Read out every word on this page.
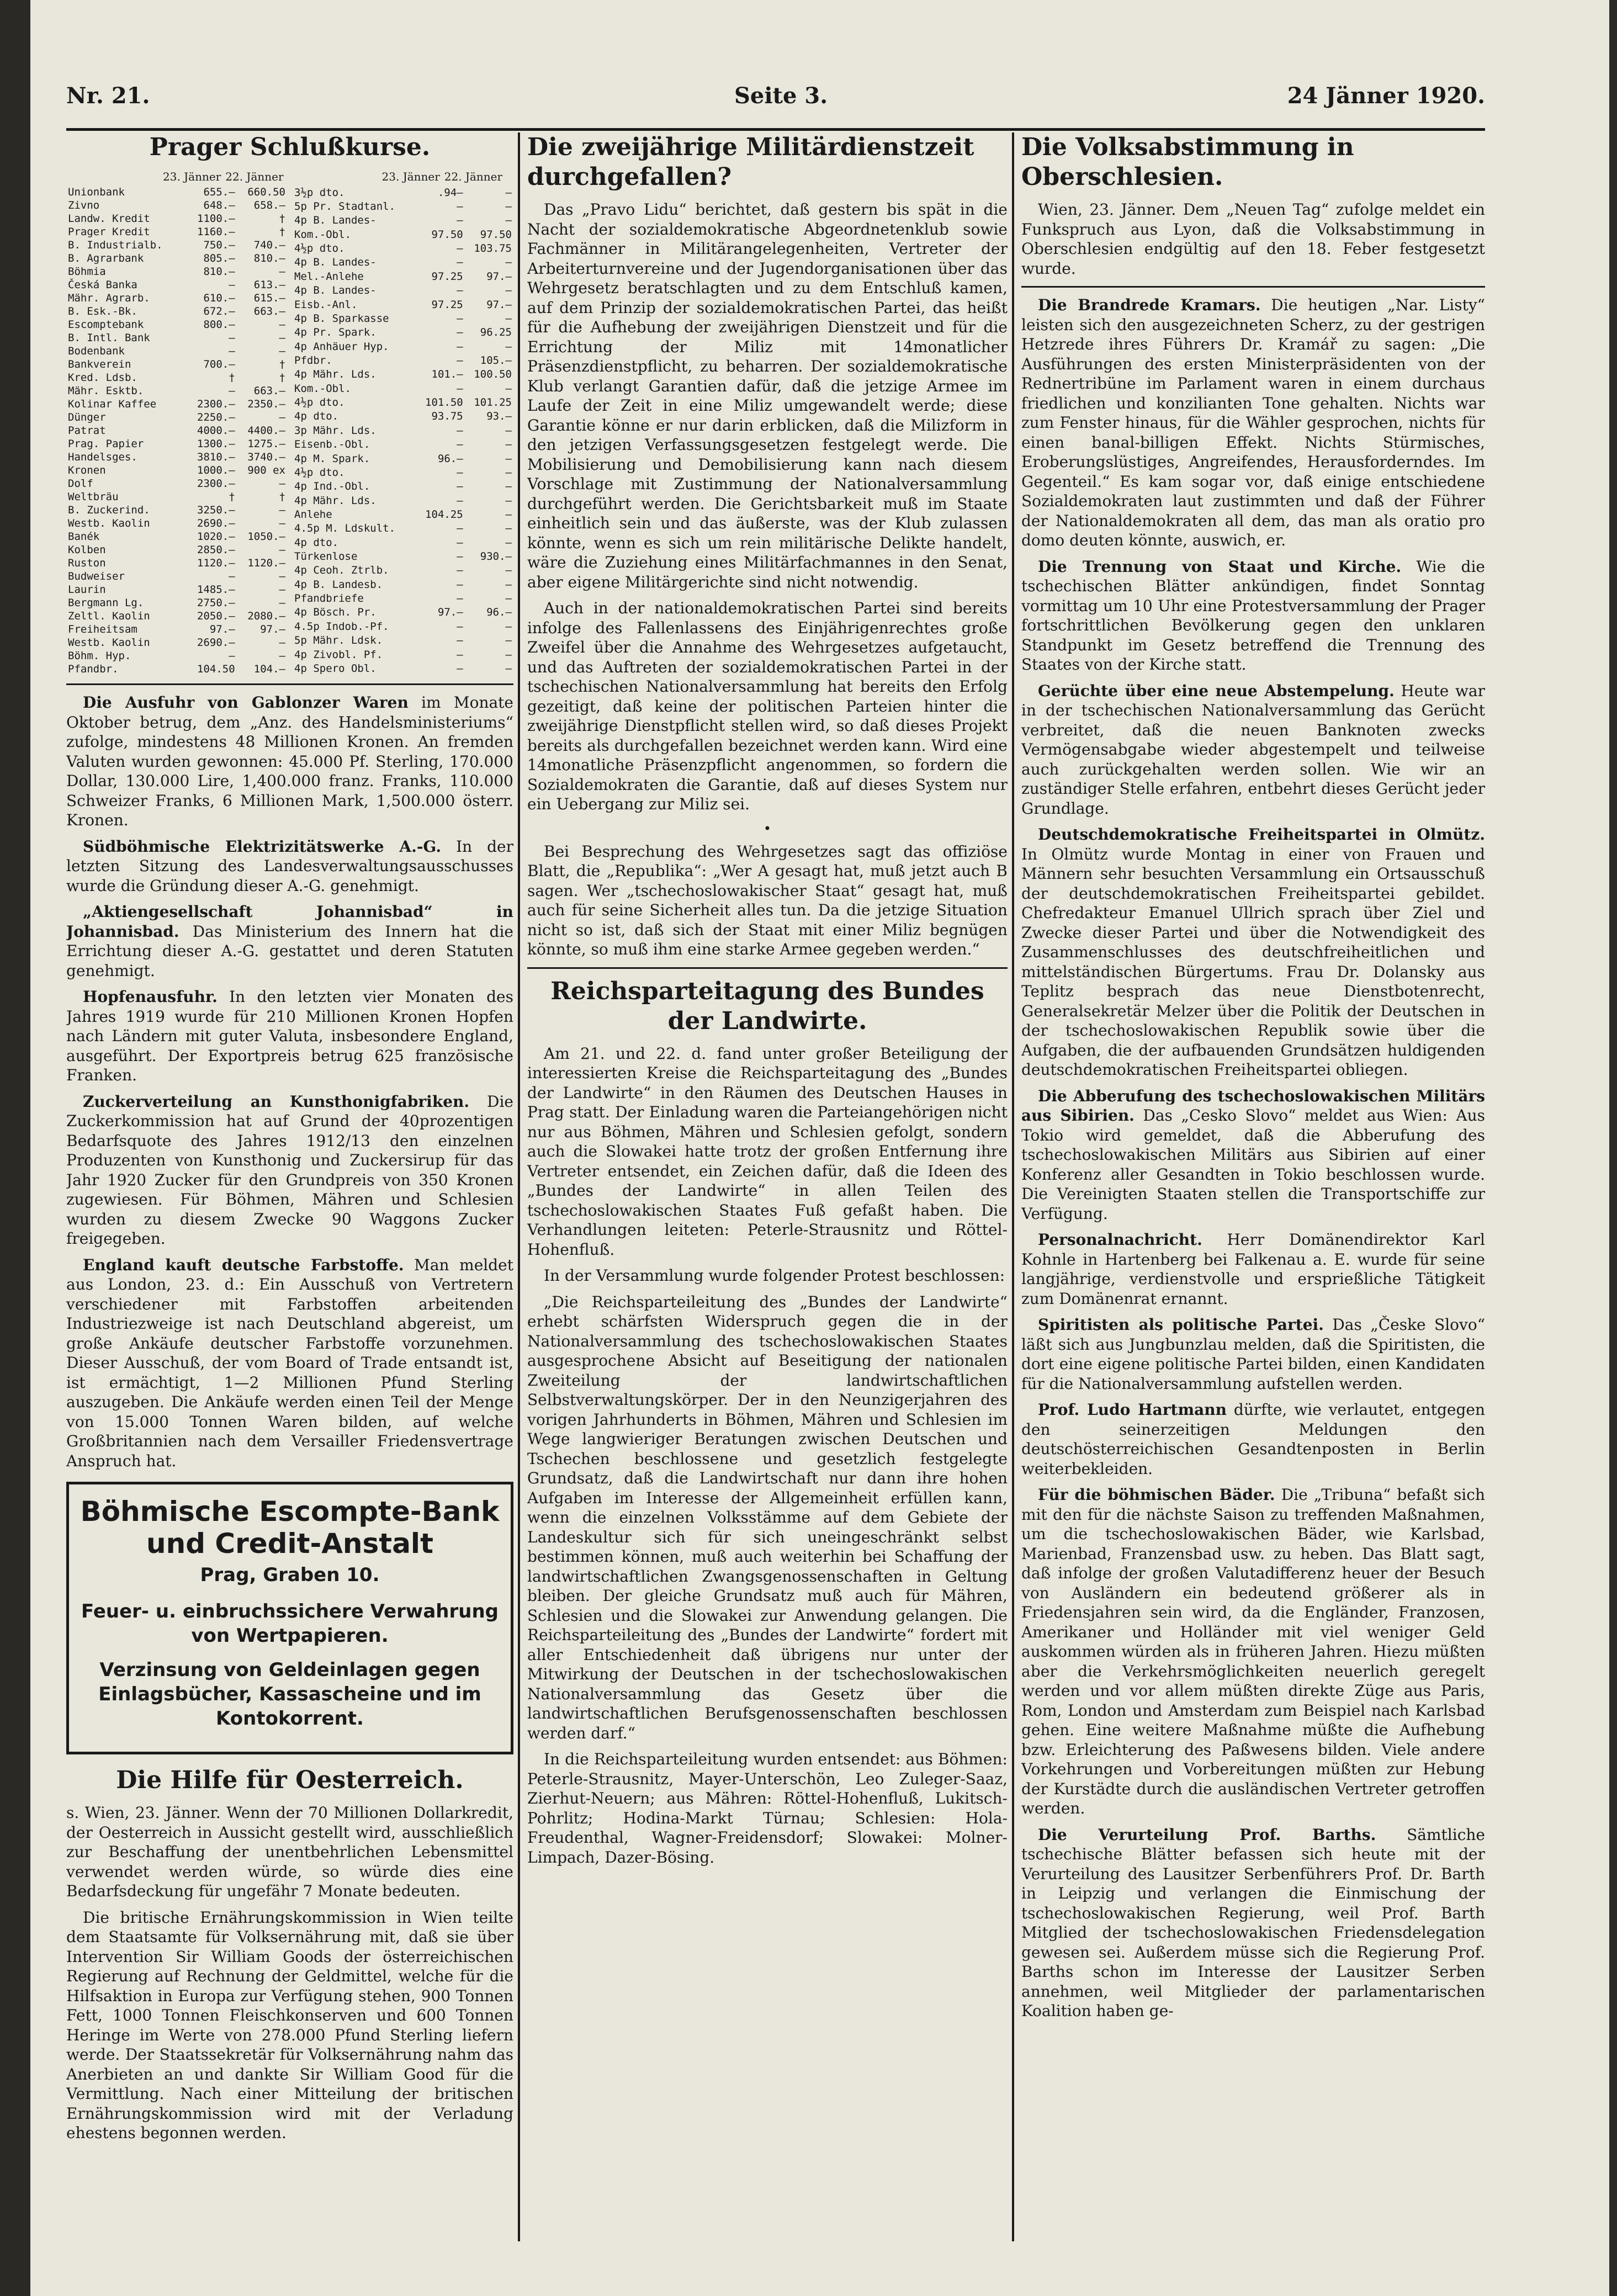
Nr. 21.	Seite 3.	24 Jänner 1920.
Prager Schlußkurse.
23. Jänner 22. Jänner	23. Jänner 22. Jänner
Unionbank	655.—	660.50
Zivno	648.—	658.—
Landw. Kredit	1100.—	†
Prager Kredit	1160.—	†
B. Industrialb.	750.—	740.—
B. Agrarbank	805.—	810.—
Böhmia	810.—	—
Česká Banka	—	613.—
Mähr. Agrarb.	610.—	615.—
B. Esk.-Bk.	672.—	663.—
Escomptebank	800.—	—
B. Intl. Bank	—	—
Bodenbank	—	—
Bankverein	700.—	†
Kred. Ldsb.	†	†
Mähr. Esktb.	—	663.—
Kolinar Kaffee	2300.—	2350.—
Dünger	2250.—	—
Patrat	4000.—	4400.—
Prag. Papier	1300.—	1275.—
Handelsges.	3810.—	3740.—
Kronen	1000.—	900 ex
Dolf	2300.—	—
Weltbräu	†	†
B. Zuckerind.	3250.—	—
Westb. Kaolin	2690.—	—
Banék	1020.—	1050.—
Kolben	2850.—	—
Ruston	1120.—	1120.—
Budweiser	—	—
Laurin	1485.—	—
Bergmann Lg.	2750.—	—
Zeltl. Kaolin	2050.—	2080.—
Freiheitsam	97.—	97.—
Westb. Kaolin	2690.—	—
Böhm. Hyp.	—	—
Pfandbr.	104.50	104.—
3½p dto.	.94—	—
5p Pr. Stadtanl.	—	—
4p B. Landes-	—	—
Kom.-Obl.	97.50	97.50
4½p dto.	—	103.75
4p B. Landes-	—	—
Mel.-Anlehe	97.25	97.—
4p B. Landes-	—	—
Eisb.-Anl.	97.25	97.—
4p B. Sparkasse	—	—
4p Pr. Spark.	—	96.25
4p Anhäuer Hyp.	—	—
Pfdbr.	—	105.—
4p Mähr. Lds.	101.—	100.50
Kom.-Obl.	—	—
4½p dto.	101.50	101.25
4p dto.	93.75	93.—
3p Mähr. Lds.	—	—
Eisenb.-Obl.	—	—
4p M. Spark.	96.—	—
4½p dto.	—	—
4p Ind.-Obl.	—	—
4p Mähr. Lds.	—	—
Anlehe	104.25	—
4.5p M. Ldskult.	—	—
4p dto.	—	—
Türkenlose	—	930.—
4p Ceoh. Ztrlb.	—	—
4p B. Landesb.	—	—
Pfandbriefe	—	—
4p Bösch. Pr.	97.—	96.—
4.5p Indob.-Pf.	—	—
5p Mähr. Ldsk.	—	—
4p Zivobl. Pf.	—	—
4p Spero Obl.	—	—

Die Ausfuhr von Gablonzer Waren im Monate Oktober betrug, dem „Anz. des Handelsministeriums“ zufolge, mindestens 48 Millionen Kronen. An fremden Valuten wurden gewonnen: 45.000 Pf. Sterling, 170.000 Dollar, 130.000 Lire, 1,400.000 franz. Franks, 110.000 Schweizer Franks, 6 Millionen Mark, 1,500.000 österr. Kronen.

Südböhmische Elektrizitätswerke A.-G. In der letzten Sitzung des Landesverwaltungsausschusses wurde die Gründung dieser A.-G. genehmigt.

„Aktiengesellschaft Johannisbad“ in Johannisbad. Das Ministerium des Innern hat die Errichtung dieser A.-G. gestattet und deren Statuten genehmigt.

Hopfenausfuhr. In den letzten vier Monaten des Jahres 1919 wurde für 210 Millionen Kronen Hopfen nach Ländern mit guter Valuta, insbesondere England, ausgeführt. Der Exportpreis betrug 625 französische Franken.

Zuckerverteilung an Kunsthonigfabriken. Die Zuckerkommission hat auf Grund der 40prozentigen Bedarfsquote des Jahres 1912/13 den einzelnen Produzenten von Kunsthonig und Zuckersirup für das Jahr 1920 Zucker für den Grundpreis von 350 Kronen zugewiesen. Für Böhmen, Mähren und Schlesien wurden zu diesem Zwecke 90 Waggons Zucker freigegeben.

England kauft deutsche Farbstoffe. Man meldet aus London, 23. d.: Ein Ausschuß von Vertretern verschiedener mit Farbstoffen arbeitenden Industriezweige ist nach Deutschland abgereist, um große Ankäufe deutscher Farbstoffe vorzunehmen. Dieser Ausschuß, der vom Board of Trade entsandt ist, ist ermächtigt, 1—2 Millionen Pfund Sterling auszugeben. Die Ankäufe werden einen Teil der Menge von 15.000 Tonnen Waren bilden, auf welche Großbritannien nach dem Versailler Friedensvertrage Anspruch hat.

Böhmische Escompte-Bank
und Credit-Anstalt
Prag, Graben 10.
Feuer- u. einbruchssichere Verwahrung von Wertpapieren.
Verzinsung von Geldeinlagen gegen Einlagsbücher, Kassascheine und im Kontokorrent.
Die Hilfe für Oesterreich.

s. Wien, 23. Jänner. Wenn der 70 Millionen Dollarkredit, der Oesterreich in Aussicht gestellt wird, ausschließlich zur Beschaffung der unentbehrlichen Lebensmittel verwendet werden würde, so würde dies eine Bedarfsdeckung für ungefähr 7 Monate bedeuten.

Die britische Ernährungskommission in Wien teilte dem Staatsamte für Volksernährung mit, daß sie über Intervention Sir William Goods der österreichischen Regierung auf Rechnung der Geldmittel, welche für die Hilfsaktion in Europa zur Verfügung stehen, 900 Tonnen Fett, 1000 Tonnen Fleischkonserven und 600 Tonnen Heringe im Werte von 278.000 Pfund Sterling liefern werde. Der Staatssekretär für Volksernährung nahm das Anerbieten an und dankte Sir William Good für die Vermittlung. Nach einer Mitteilung der britischen Ernährungskommission wird mit der Verladung ehestens begonnen werden.

Die zweijährige Militärdienstzeit durchgefallen?

Das „Pravo Lidu“ berichtet, daß gestern bis spät in die Nacht der sozialdemokratische Abgeordnetenklub sowie Fachmänner in Militärangelegenheiten, Vertreter der Arbeiterturnvereine und der Jugendorganisationen über das Wehrgesetz beratschlagten und zu dem Entschluß kamen, auf dem Prinzip der sozialdemokratischen Partei, das heißt für die Aufhebung der zweijährigen Dienstzeit und für die Errichtung der Miliz mit 14monatlicher Präsenzdienstpflicht, zu beharren. Der sozialdemokratische Klub verlangt Garantien dafür, daß die jetzige Armee im Laufe der Zeit in eine Miliz umgewandelt werde; diese Garantie könne er nur darin erblicken, daß die Milizform in den jetzigen Verfassungsgesetzen festgelegt werde. Die Mobilisierung und Demobilisierung kann nach diesem Vorschlage mit Zustimmung der Nationalversammlung durchgeführt werden. Die Gerichtsbarkeit muß im Staate einheitlich sein und das äußerste, was der Klub zulassen könnte, wenn es sich um rein militärische Delikte handelt, wäre die Zuziehung eines Militärfachmannes in den Senat, aber eigene Militärgerichte sind nicht notwendig.

Auch in der nationaldemokratischen Partei sind bereits infolge des Fallenlassens des Einjährigenrechtes große Zweifel über die Annahme des Wehrgesetzes aufgetaucht, und das Auftreten der sozialdemokratischen Partei in der tschechischen Nationalversammlung hat bereits den Erfolg gezeitigt, daß keine der politischen Parteien hinter die zweijährige Dienstpflicht stellen wird, so daß dieses Projekt bereits als durchgefallen bezeichnet werden kann. Wird eine 14monatliche Präsenzpflicht angenommen, so fordern die Sozialdemokraten die Garantie, daß auf dieses System nur ein Uebergang zur Miliz sei.

•

Bei Besprechung des Wehrgesetzes sagt das offiziöse Blatt, die „Republika“: „Wer A gesagt hat, muß jetzt auch B sagen. Wer „tschechoslowakischer Staat“ gesagt hat, muß auch für seine Sicherheit alles tun. Da die jetzige Situation nicht so ist, daß sich der Staat mit einer Miliz begnügen könnte, so muß ihm eine starke Armee gegeben werden.“

Reichsparteitagung des Bundes der Landwirte.

Am 21. und 22. d. fand unter großer Beteiligung der interessierten Kreise die Reichsparteitagung des „Bundes der Landwirte“ in den Räumen des Deutschen Hauses in Prag statt. Der Einladung waren die Parteiangehörigen nicht nur aus Böhmen, Mähren und Schlesien gefolgt, sondern auch die Slowakei hatte trotz der großen Entfernung ihre Vertreter entsendet, ein Zeichen dafür, daß die Ideen des „Bundes der Landwirte“ in allen Teilen des tschechoslowakischen Staates Fuß gefaßt haben. Die Verhandlungen leiteten: Peterle-Strausnitz und Röttel-Hohenfluß.

In der Versammlung wurde folgender Protest beschlossen:

„Die Reichsparteileitung des „Bundes der Landwirte“ erhebt schärfsten Widerspruch gegen die in der Nationalversammlung des tschechoslowakischen Staates ausgesprochene Absicht auf Beseitigung der nationalen Zweiteilung der landwirtschaftlichen Selbstverwaltungskörper. Der in den Neunzigerjahren des vorigen Jahrhunderts in Böhmen, Mähren und Schlesien im Wege langwieriger Beratungen zwischen Deutschen und Tschechen beschlossene und gesetzlich festgelegte Grundsatz, daß die Landwirtschaft nur dann ihre hohen Aufgaben im Interesse der Allgemeinheit erfüllen kann, wenn die einzelnen Volksstämme auf dem Gebiete der Landeskultur sich für sich uneingeschränkt selbst bestimmen können, muß auch weiterhin bei Schaffung der landwirtschaftlichen Zwangsgenossenschaften in Geltung bleiben. Der gleiche Grundsatz muß auch für Mähren, Schlesien und die Slowakei zur Anwendung gelangen. Die Reichsparteileitung des „Bundes der Landwirte“ fordert mit aller Entschiedenheit daß übrigens nur unter der Mitwirkung der Deutschen in der tschechoslowakischen Nationalversammlung das Gesetz über die landwirtschaftlichen Berufsgenossenschaften beschlossen werden darf.“

In die Reichsparteileitung wurden entsendet: aus Böhmen: Peterle-Strausnitz, Mayer-Unterschön, Leo Zuleger-Saaz, Zierhut-Neuern; aus Mähren: Röttel-Hohenfluß, Lukitsch-Pohrlitz; Hodina-Markt Türnau; Schlesien: Hola-Freudenthal, Wagner-Freidensdorf; Slowakei: Molner-Limpach, Dazer-Bösing.

Die Volksabstimmung in Oberschlesien.

Wien, 23. Jänner. Dem „Neuen Tag“ zufolge meldet ein Funkspruch aus Lyon, daß die Volksabstimmung in Oberschlesien endgültig auf den 18. Feber festgesetzt wurde.

Die Brandrede Kramars. Die heutigen „Nar. Listy“ leisten sich den ausgezeichneten Scherz, zu der gestrigen Hetzrede ihres Führers Dr. Kramář zu sagen: „Die Ausführungen des ersten Ministerpräsidenten von der Rednertribüne im Parlament waren in einem durchaus friedlichen und konzilianten Tone gehalten. Nichts war zum Fenster hinaus, für die Wähler gesprochen, nichts für einen banal-billigen Effekt. Nichts Stürmisches, Eroberungslüstiges, Angreifendes, Herausforderndes. Im Gegenteil.“ Es kam sogar vor, daß einige entschiedene Sozialdemokraten laut zustimmten und daß der Führer der Nationaldemokraten all dem, das man als oratio pro domo deuten könnte, auswich, er.

Die Trennung von Staat und Kirche. Wie die tschechischen Blätter ankündigen, findet Sonntag vormittag um 10 Uhr eine Protestversammlung der Prager fortschrittlichen Bevölkerung gegen den unklaren Standpunkt im Gesetz betreffend die Trennung des Staates von der Kirche statt.

Gerüchte über eine neue Abstempelung. Heute war in der tschechischen Nationalversammlung das Gerücht verbreitet, daß die neuen Banknoten zwecks Vermögensabgabe wieder abgestempelt und teilweise auch zurückgehalten werden sollen. Wie wir an zuständiger Stelle erfahren, entbehrt dieses Gerücht jeder Grundlage.

Deutschdemokratische Freiheitspartei in Olmütz. In Olmütz wurde Montag in einer von Frauen und Männern sehr besuchten Versammlung ein Ortsausschuß der deutschdemokratischen Freiheitspartei gebildet. Chefredakteur Emanuel Ullrich sprach über Ziel und Zwecke dieser Partei und über die Notwendigkeit des Zusammenschlusses des deutschfreiheitlichen und mittelständischen Bürgertums. Frau Dr. Dolansky aus Teplitz besprach das neue Dienstbotenrecht, Generalsekretär Melzer über die Politik der Deutschen in der tschechoslowakischen Republik sowie über die Aufgaben, die der aufbauenden Grundsätzen huldigenden deutschdemokratischen Freiheitspartei obliegen.

Die Abberufung des tschechoslowakischen Militärs aus Sibirien. Das „Cesko Slovo“ meldet aus Wien: Aus Tokio wird gemeldet, daß die Abberufung des tschechoslowakischen Militärs aus Sibirien auf einer Konferenz aller Gesandten in Tokio beschlossen wurde. Die Vereinigten Staaten stellen die Transportschiffe zur Verfügung.

Personalnachricht. Herr Domänendirektor Karl Kohnle in Hartenberg bei Falkenau a. E. wurde für seine langjährige, verdienstvolle und ersprießliche Tätigkeit zum Domänenrat ernannt.

Spiritisten als politische Partei. Das „Česke Slovo“ läßt sich aus Jungbunzlau melden, daß die Spiritisten, die dort eine eigene politische Partei bilden, einen Kandidaten für die Nationalversammlung aufstellen werden.

Prof. Ludo Hartmann dürfte, wie verlautet, entgegen den seinerzeitigen Meldungen den deutschösterreichischen Gesandtenposten in Berlin weiterbekleiden.

Für die böhmischen Bäder. Die „Tribuna“ befaßt sich mit den für die nächste Saison zu treffenden Maßnahmen, um die tschechoslowakischen Bäder, wie Karlsbad, Marienbad, Franzensbad usw. zu heben. Das Blatt sagt, daß infolge der großen Valutadifferenz heuer der Besuch von Ausländern ein bedeutend größerer als in Friedensjahren sein wird, da die Engländer, Franzosen, Amerikaner und Holländer mit viel weniger Geld auskommen würden als in früheren Jahren. Hiezu müßten aber die Verkehrsmöglichkeiten neuerlich geregelt werden und vor allem müßten direkte Züge aus Paris, Rom, London und Amsterdam zum Beispiel nach Karlsbad gehen. Eine weitere Maßnahme müßte die Aufhebung bzw. Erleichterung des Paßwesens bilden. Viele andere Vorkehrungen und Vorbereitungen müßten zur Hebung der Kurstädte durch die ausländischen Vertreter getroffen werden.

Die Verurteilung Prof. Barths. Sämtliche tschechische Blätter befassen sich heute mit der Verurteilung des Lausitzer Serbenführers Prof. Dr. Barth in Leipzig und verlangen die Einmischung der tschechoslowakischen Regierung, weil Prof. Barth Mitglied der tschechoslowakischen Friedensdelegation gewesen sei. Außerdem müsse sich die Regierung Prof. Barths schon im Interesse der Lausitzer Serben annehmen, weil Mitglieder der parlamentarischen Koalition haben ge-
